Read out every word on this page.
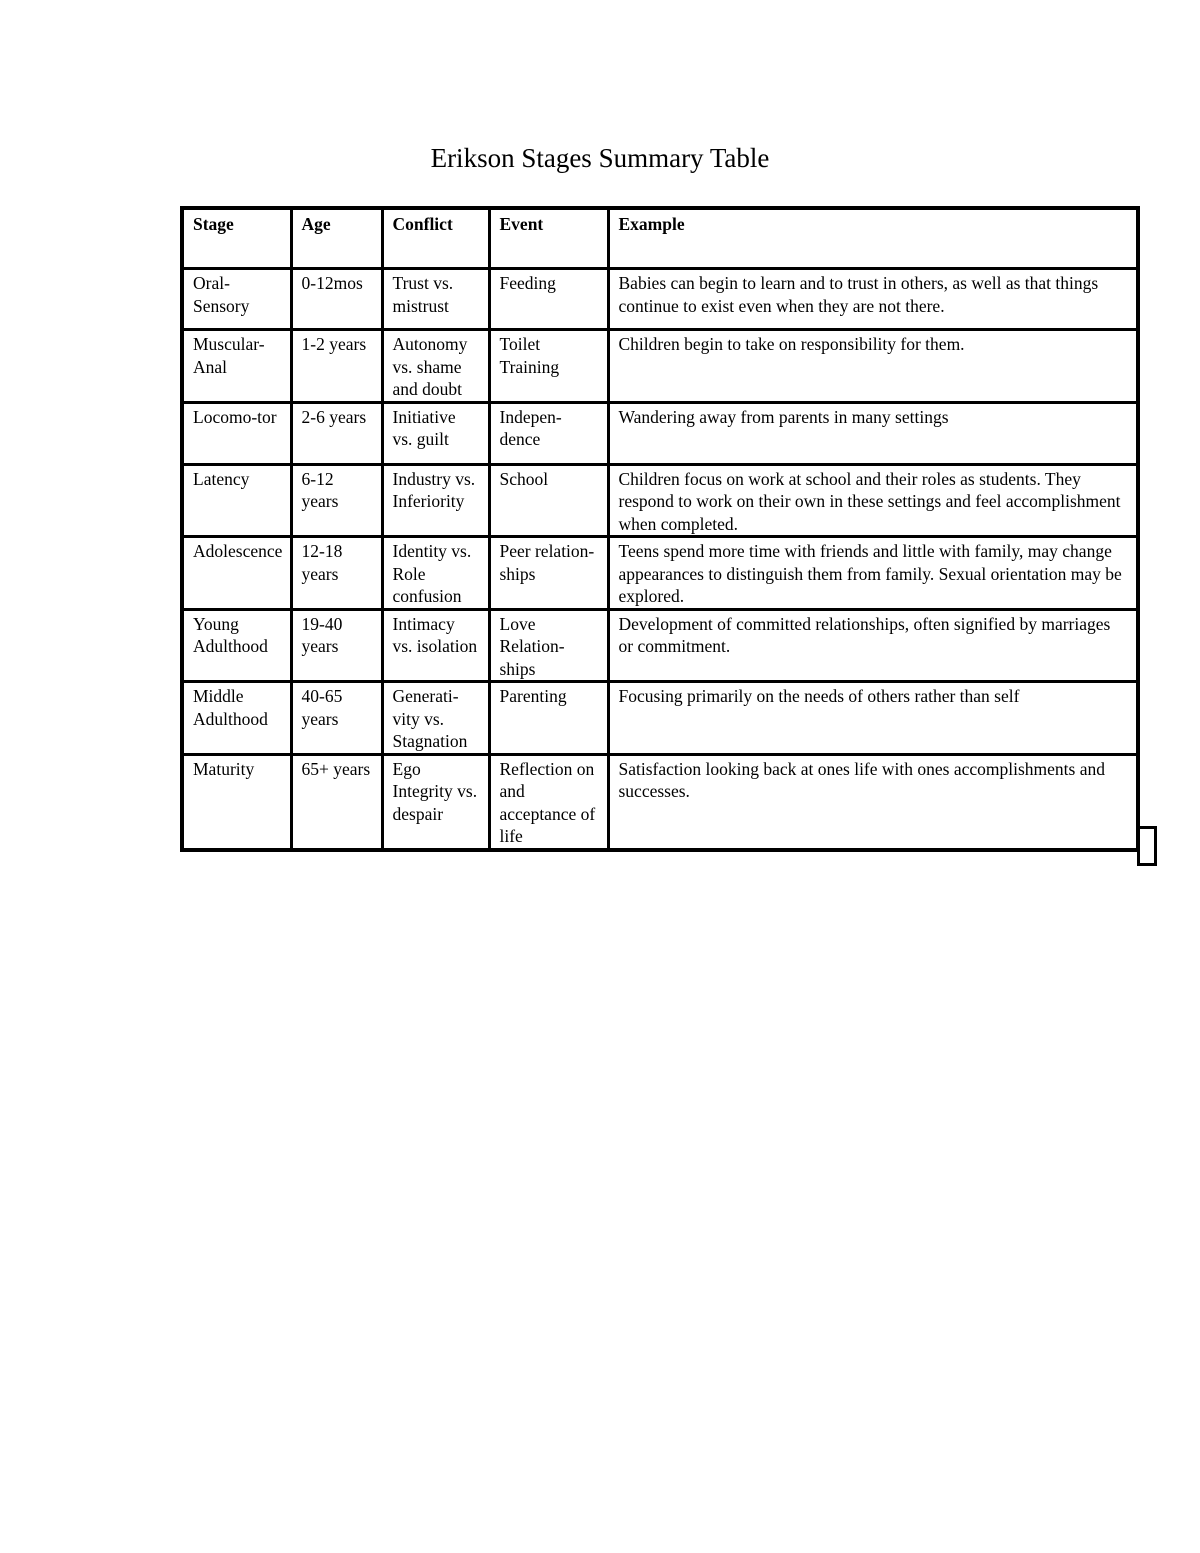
Erikson Stages Summary Table
Stage	Age	Conflict	Event	Example
Oral-Sensory	0-12mos	Trust vs. mistrust	Feeding	Babies can begin to learn and to trust in others, as well as that things continue to exist even when they are not there.
Muscular-Anal	1-2 years	Autonomy vs. shame and doubt	Toilet Training	Children begin to take on responsibility for them.
Locomo-tor	2-6 years	Initiative vs. guilt	Indepen-dence	Wandering away from parents in many settings
Latency	6-12 years	Industry vs. Inferiority	School	Children focus on work at school and their roles as students. They respond to work on their own in these settings and feel accomplishment when completed.
Adolescence	12-18 years	Identity vs. Role confusion	Peer relation-ships	Teens spend more time with friends and little with family, may change appearances to distinguish them from family. Sexual orientation may be explored.
Young Adulthood	19-40 years	Intimacy vs. isolation	Love Relation-ships	Development of committed relationships, often signified by marriages or commitment.
Middle Adulthood	40-65 years	Generati-vity vs. Stagnation	Parenting	Focusing primarily on the needs of others rather than self
Maturity	65+ years	Ego Integrity vs. despair	Reflection on and acceptance of life	Satisfaction looking back at ones life with ones accomplishments and successes.
